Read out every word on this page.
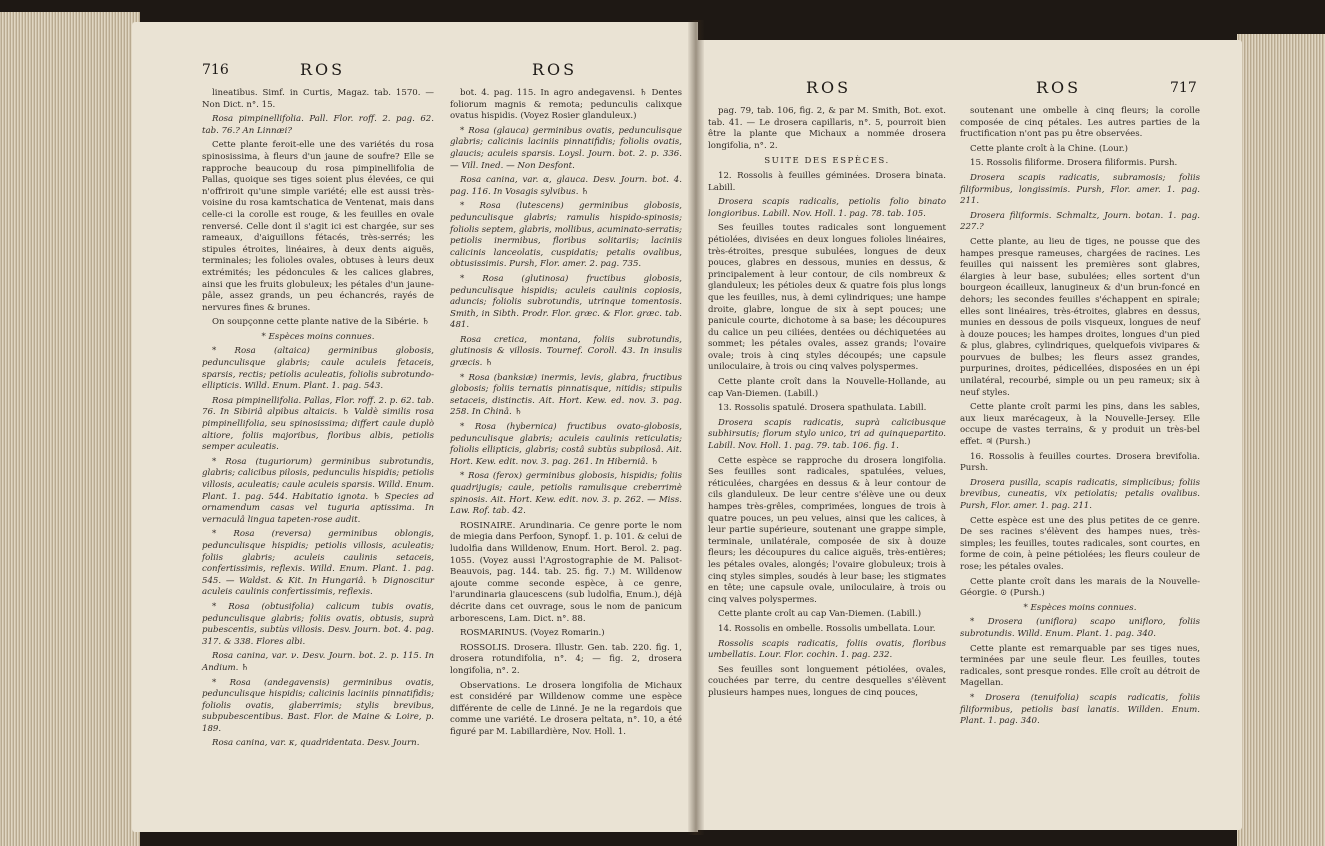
716	ROS	ROS

lineatibus. Simf. in Curtis, Magaz. tab. 1570. — Non Dict. n°. 15.

Rosa pimpinellifolia. Pall. Flor. roff. 2. pag. 62. tab. 76.? An Linnæi?

Cette plante feroit-elle une des variétés du rosa spinosissima, à fleurs d'un jaune de soufre? Elle se rapproche beaucoup du rosa pimpinellifolia de Pallas, quoique ses tiges soient plus élevées, ce qui n'offriroit qu'une simple variété; elle est aussi très-voisine du rosa kamtschatica de Ventenat, mais dans celle-ci la corolle est rouge, & les feuilles en ovale renversé. Celle dont il s'agit ici est chargée, sur ses rameaux, d'aiguillons fétacés, très-serrés; les stipules étroites, linéaires, à deux dents aiguës, terminales; les folioles ovales, obtuses à leurs deux extrémités; les pédoncules & les calices glabres, ainsi que les fruits globuleux; les pétales d'un jaune-pâle, assez grands, un peu échancrés, rayés de nervures fines & brunes.

On soupçonne cette plante native de la Sibérie. ♄

* Espèces moins connues.

* Rosa (altaica) germinibus globosis, pedunculisque glabris; caule aculeis fetaceis, sparsis, rectis; petiolis aculeatis, foliolis subrotundo-ellipticis. Willd. Enum. Plant. 1. pag. 543.

Rosa pimpinellifolia. Pallas, Flor. roff. 2. p. 62. tab. 76. In Sibiriâ alpibus altaicis. ♄ Valdè similis rosa pimpinellifolia, seu spinosissima; differt caule duplò altiore, foliis majoribus, floribus albis, petiolis semper aculeatis.

* Rosa (tuguriorum) germinibus subrotundis, glabris; calicibus pilosis, pedunculis hispidis; petiolis villosis, aculeatis; caule aculeis sparsis. Willd. Enum. Plant. 1. pag. 544. Habitatio ignota. ♄ Species ad ornamendum casas vel tuguria aptissima. In vernaculâ lingua tapeten-rose audit.

* Rosa (reversa) germinibus oblongis, pedunculisque hispidis; petiolis villosis, aculeatis; foliis glabris; aculeis caulinis setaceis, confertissimis, reflexis. Willd. Enum. Plant. 1. pag. 545. — Waldst. & Kit. In Hungariâ. ♄ Dignoscitur aculeis caulinis confertissimis, reflexis.

* Rosa (obtusifolia) calicum tubis ovatis, pedunculisque glabris; foliis ovatis, obtusis, suprà pubescentis, subtùs villosis. Desv. Journ. bot. 4. pag. 317. & 338. Flores albi.

Rosa canina, var. ν. Desv. Journ. bot. 2. p. 115. In Andium. ♄

* Rosa (andegavensis) germinibus ovatis, pedunculisque hispidis; calicinis laciniis pinnatifidis; foliolis ovatis, glaberrimis; stylis brevibus, subpubescentibus. Bast. Flor. de Maine & Loire, p. 189.

Rosa canina, var. κ, quadridentata. Desv. Journ.

bot. 4. pag. 115. In agro andegavensi. ♄ Dentes foliorum magnis & remota; pedunculis calixque ovatus hispidis. (Voyez Rosier glanduleux.)

* Rosa (glauca) germinibus ovatis, pedunculisque glabris; calicinis laciniis pinnatifidis; foliolis ovatis, glaucis; aculeis sparsis. Loysl. Journ. bot. 2. p. 336. — Vill. Ined. — Non Desfont.

Rosa canina, var. α, glauca. Desv. Journ. bot. 4. pag. 116. In Vosagis sylvibus. ♄

* Rosa (lutescens) germinibus globosis, pedunculisque glabris; ramulis hispido-spinosis; foliolis septem, glabris, mollibus, acuminato-serratis; petiolis inermibus, floribus solitariis; laciniis calicinis lanceolatis, cuspidatis; petalis ovalibus, obtusissimis. Pursh, Flor. amer. 2. pag. 735.

* Rosa (glutinosa) fructibus globosis, pedunculisque hispidis; aculeis caulinis copiosis, aduncis; foliolis subrotundis, utrinque tomentosis. Smith, in Sibth. Prodr. Flor. græc. & Flor. græc. tab. 481.

Rosa cretica, montana, foliis subrotundis, glutinosis & villosis. Tournef. Coroll. 43. In insulis græcis. ♄

* Rosa (banksiæ) inermis, levis, glabra, fructibus globosis; foliis ternatis pinnatisque, nitidis; stipulis setaceis, distinctis. Ait. Hort. Kew. ed. nov. 3. pag. 258. In Chinâ. ♄

* Rosa (hybernica) fructibus ovato-globosis, pedunculisque glabris; aculeis caulinis reticulatis; foliolis ellipticis, glabris; costâ subtùs subpilosâ. Ait. Hort. Kew. edit. nov. 3. pag. 261. In Hiberniâ. ♄

* Rosa (ferox) germinibus globosis, hispidis; foliis quadrijugis; caule, petiolis ramulisque creberrimè spinosis. Ait. Hort. Kew. edit. nov. 3. p. 262. — Miss. Law. Rof. tab. 42.

ROSINAIRE. Arundinaria. Ce genre porte le nom de miegia dans Perfoon, Synopf. 1. p. 101. & celui de ludolfia dans Willdenow, Enum. Hort. Berol. 2. pag. 1055. (Voyez aussi l'Agrostographie de M. Palisot-Beauvois, pag. 144. tab. 25. fig. 7.) M. Willdenow ajoute comme seconde espèce, à ce genre, l'arundinaria glaucescens (sub ludolfia, Enum.), déjà décrite dans cet ouvrage, sous le nom de panicum arborescens, Lam. Dict. n°. 88.

ROSMARINUS. (Voyez Romarin.)

ROSSOLIS. Drosera. Illustr. Gen. tab. 220. fig. 1, drosera rotundifolia, n°. 4; — fig. 2, drosera longifolia, n°. 2.

Observations. Le drosera longifolia de Michaux est considéré par Willdenow comme une espèce différente de celle de Linné. Je ne la regardois que comme une variété. Le drosera peltata, n°. 10, a été figuré par M. Labillardière, Nov. Holl. 1.

ROS	ROS	717

pag. 79, tab. 106, fig. 2, & par M. Smith, Bot. exot. tab. 41. — Le drosera capillaris, n°. 5, pourroit bien être la plante que Michaux a nommée drosera longifolia, n°. 2.

SUITE DES ESPÈCES.

12. Rossolis à feuilles géminées. Drosera binata. Labill.

Drosera scapis radicalis, petiolis folio binato longioribus. Labill. Nov. Holl. 1. pag. 78. tab. 105.

Ses feuilles toutes radicales sont longuement pétiolées, divisées en deux longues folioles linéaires, très-étroites, presque subulées, longues de deux pouces, glabres en dessous, munies en dessus, & principalement à leur contour, de cils nombreux & glanduleux; les pétioles deux & quatre fois plus longs que les feuilles, nus, à demi cylindriques; une hampe droite, glabre, longue de six à sept pouces; une panicule courte, dichotome à sa base; les découpures du calice un peu ciliées, dentées ou déchiquetées au sommet; les pétales ovales, assez grands; l'ovaire ovale; trois à cinq styles découpés; une capsule uniloculaire, à trois ou cinq valves polyspermes.

Cette plante croît dans la Nouvelle-Hollande, au cap Van-Diemen. (Labill.)

13. Rossolis spatulé. Drosera spathulata. Labill.

Drosera scapis radicatis, suprà calicibusque subhirsutis; florum stylo unico, tri ad quinquepartito. Labill. Nov. Holl. 1. pag. 79. tab. 106. fig. 1.

Cette espèce se rapproche du drosera longifolia. Ses feuilles sont radicales, spatulées, velues, réticulées, chargées en dessus & à leur contour de cils glanduleux. De leur centre s'élève une ou deux hampes très-grêles, comprimées, longues de trois à quatre pouces, un peu velues, ainsi que les calices, à leur partie supérieure, soutenant une grappe simple, terminale, unilatérale, composée de six à douze fleurs; les découpures du calice aiguës, très-entières; les pétales ovales, alongés; l'ovaire globuleux; trois à cinq styles simples, soudés à leur base; les stigmates en tête; une capsule ovale, uniloculaire, à trois ou cinq valves polyspermes.

Cette plante croît au cap Van-Diemen. (Labill.)

14. Rossolis en ombelle. Rossolis umbellata. Lour.

Rossolis scapis radicatis, foliis ovatis, floribus umbellatis. Lour. Flor. cochin. 1. pag. 232.

Ses feuilles sont longuement pétiolées, ovales, couchées par terre, du centre desquelles s'élèvent plusieurs hampes nues, longues de cinq pouces,

soutenant une ombelle à cinq fleurs; la corolle composée de cinq pétales. Les autres parties de la fructification n'ont pas pu être observées.

Cette plante croît à la Chine. (Lour.)

15. Rossolis filiforme. Drosera filiformis. Pursh.

Drosera scapis radicatis, subramosis; foliis filiformibus, longissimis. Pursh, Flor. amer. 1. pag. 211.

Drosera filiformis. Schmaltz, Journ. botan. 1. pag. 227.?

Cette plante, au lieu de tiges, ne pousse que des hampes presque rameuses, chargées de racines. Les feuilles qui naissent les premières sont glabres, élargies à leur base, subulées; elles sortent d'un bourgeon écailleux, lanugineux & d'un brun-foncé en dehors; les secondes feuilles s'échappent en spirale; elles sont linéaires, très-étroites, glabres en dessus, munies en dessous de poils visqueux, longues de neuf à douze pouces; les hampes droites, longues d'un pied & plus, glabres, cylindriques, quelquefois vivipares & pourvues de bulbes; les fleurs assez grandes, purpurines, droites, pédicellées, disposées en un épi unilatéral, recourbé, simple ou un peu rameux; six à neuf styles.

Cette plante croît parmi les pins, dans les sables, aux lieux marécageux, à la Nouvelle-Jersey. Elle occupe de vastes terrains, & y produit un très-bel effet. ♃ (Pursh.)

16. Rossolis à feuilles courtes. Drosera brevifolia. Pursh.

Drosera pusilla, scapis radicatis, simplicibus; foliis brevibus, cuneatis, vix petiolatis; petalis ovalibus. Pursh, Flor. amer. 1. pag. 211.

Cette espèce est une des plus petites de ce genre. De ses racines s'élèvent des hampes nues, très-simples; les feuilles, toutes radicales, sont courtes, en forme de coin, à peine pétiolées; les fleurs couleur de rose; les pétales ovales.

Cette plante croît dans les marais de la Nouvelle-Géorgie. ⊙ (Pursh.)

* Espèces moins connues.

* Drosera (uniflora) scapo unifloro, foliis subrotundis. Willd. Enum. Plant. 1. pag. 340.

Cette plante est remarquable par ses tiges nues, terminées par une seule fleur. Les feuilles, toutes radicales, sont presque rondes. Elle croît au détroit de Magellan.

* Drosera (tenuifolia) scapis radicatis, foliis filiformibus, petiolis basi lanatis. Willden. Enum. Plant. 1. pag. 340.
